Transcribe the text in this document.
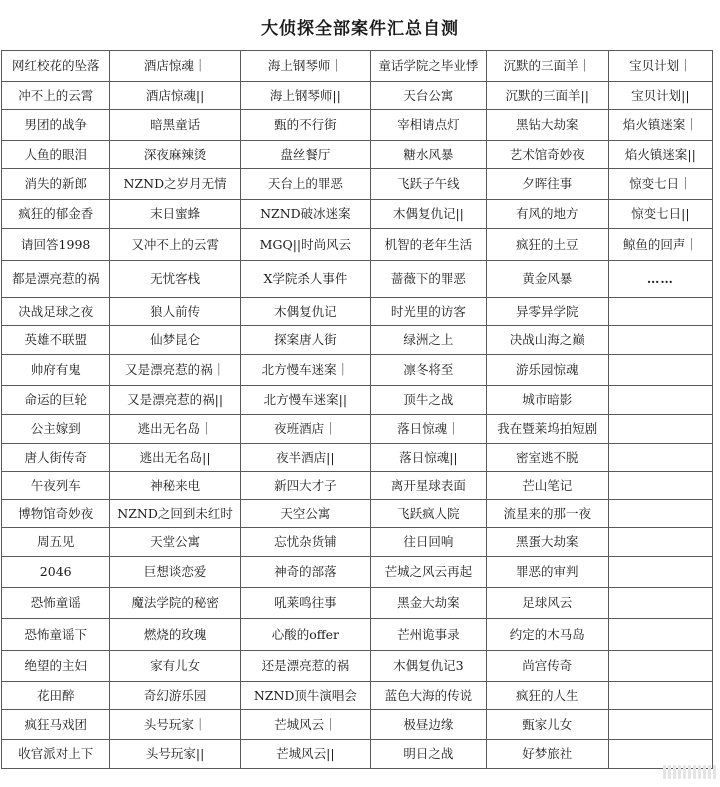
大侦探全部案件汇总自测
网红校花的坠落	酒店惊魂｜	海上钢琴师｜	童话学院之毕业悸	沉默的三面羊｜	宝贝计划｜
冲不上的云霄	酒店惊魂||	海上钢琴师||	天台公寓	沉默的三面羊||	宝贝计划||
男团的战争	暗黑童话	甄的不行街	宰相请点灯	黑钻大劫案	焰火镇迷案｜
人鱼的眼泪	深夜麻辣烫	盘丝餐厅	糖水风暴	艺术馆奇妙夜	焰火镇迷案||
消失的新郎	NZND之岁月无情	天台上的罪恶	飞跃子午线	夕晖往事	惊变七日｜
疯狂的郁金香	末日蜜蜂	NZND破冰迷案	木偶复仇记||	有风的地方	惊变七日||
请回答1998	又冲不上的云霄	MGQ||时尚风云	机智的老年生活	疯狂的土豆	鲸鱼的回声｜
都是漂亮惹的祸	无忧客栈	X学院杀人事件	蔷薇下的罪恶	黄金风暴	……
决战足球之夜	狼人前传	木偶复仇记	时光里的访客	异零异学院	
英雄不联盟	仙梦昆仑	探案唐人街	绿洲之上	决战山海之巅	
帅府有鬼	又是漂亮惹的祸｜	北方慢车迷案｜	凛冬将至	游乐园惊魂	
命运的巨轮	又是漂亮惹的祸||	北方慢车迷案||	顶牛之战	城市暗影	
公主嫁到	逃出无名岛｜	夜班酒店｜	落日惊魂｜	我在暨莱坞拍短剧	
唐人街传奇	逃出无名岛||	夜半酒店||	落日惊魂||	密室逃不脱	
午夜列车	神秘来电	新四大才子	离开星球表面	芒山笔记	
博物馆奇妙夜	NZND之回到未红时	天空公寓	飞跃疯人院	流星来的那一夜	
周五见	天堂公寓	忘忧杂货铺	往日回响	黑蛋大劫案	
2046	巨想谈恋爱	神奇的部落	芒城之风云再起	罪恶的审判	
恐怖童谣	魔法学院的秘密	吼莱鸣往事	黑金大劫案	足球风云	
恐怖童谣下	燃烧的玫瑰	心酸的offer	芒州诡事录	约定的木马岛	
绝望的主妇	家有儿女	还是漂亮惹的祸	木偶复仇记3	尚宫传奇	
花田醉	奇幻游乐园	NZND顶牛演唱会	蓝色大海的传说	疯狂的人生	
疯狂马戏团	头号玩家｜	芒城风云｜	极昼边缘	甄家儿女	
收官派对上下	头号玩家||	芒城风云||	明日之战	好梦旅社	
